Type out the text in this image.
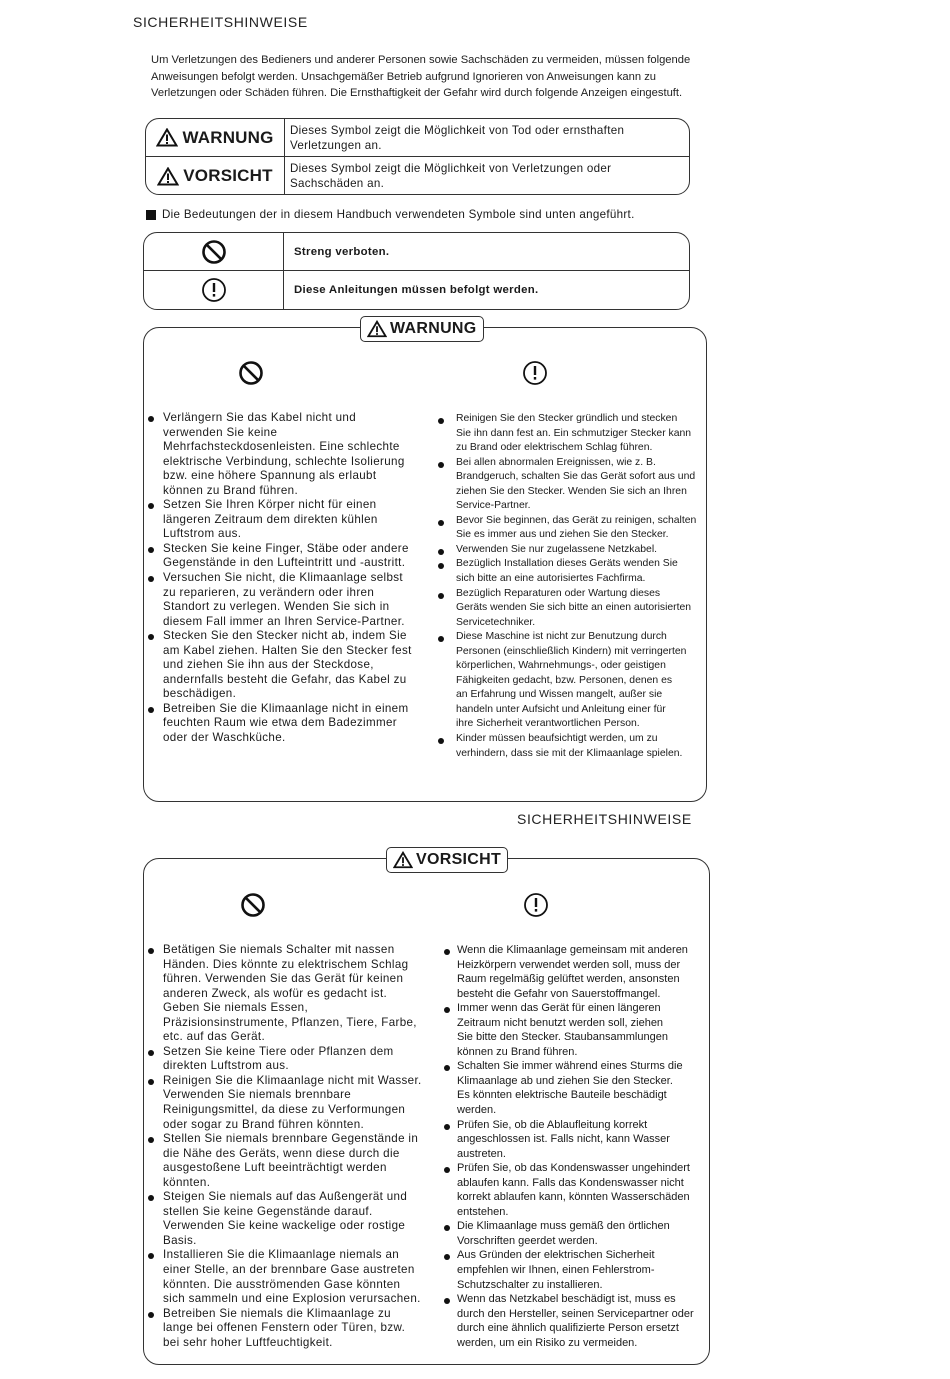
SICHERHEITSHINWEISE
Um Verletzungen des Bedieners und anderer Personen sowie Sachschäden zu vermeiden, müssen folgende
Anweisungen befolgt werden. Unsachgemäßer Betrieb aufgrund Ignorieren von Anweisungen kann zu
Verletzungen oder Schäden führen. Die Ernsthaftigkeit der Gefahr wird durch folgende Anzeigen eingestuft.
WARNUNG Dieses Symbol zeigt die Möglichkeit von Tod oder ernsthaften
Verletzungen an.
VORSICHT Dieses Symbol zeigt die Möglichkeit von Verletzungen oder
Sachschäden an.
Die Bedeutungen der in diesem Handbuch verwendeten Symbole sind unten angeführt.
Streng verboten.
Diese Anleitungen müssen befolgt werden.
WARNUNG
Verlängern Sie das Kabel nicht und
verwenden Sie keine
Mehrfachsteckdosenleisten. Eine schlechte
elektrische Verbindung, schlechte Isolierung
bzw. eine höhere Spannung als erlaubt
können zu Brand führen.
Setzen Sie Ihren Körper nicht für einen
längeren Zeitraum dem direkten kühlen
Luftstrom aus.
Stecken Sie keine Finger, Stäbe oder andere
Gegenstände in den Lufteintritt und -austritt.
Versuchen Sie nicht, die Klimaanlage selbst
zu reparieren, zu verändern oder ihren
Standort zu verlegen. Wenden Sie sich in
diesem Fall immer an Ihren Service-Partner.
Stecken Sie den Stecker nicht ab, indem Sie
am Kabel ziehen. Halten Sie den Stecker fest
und ziehen Sie ihn aus der Steckdose,
andernfalls besteht die Gefahr, das Kabel zu
beschädigen.
Betreiben Sie die Klimaanlage nicht in einem
feuchten Raum wie etwa dem Badezimmer
oder der Waschküche.
Reinigen Sie den Stecker gründlich und stecken
Sie ihn dann fest an. Ein schmutziger Stecker kann
zu Brand oder elektrischem Schlag führen.
Bei allen abnormalen Ereignissen, wie z. B.
Brandgeruch, schalten Sie das Gerät sofort aus und
ziehen Sie den Stecker. Wenden Sie sich an Ihren
Service-Partner.
Bevor Sie beginnen, das Gerät zu reinigen, schalten
Sie es immer aus und ziehen Sie den Stecker.
Verwenden Sie nur zugelassene Netzkabel.
Bezüglich Installation dieses Geräts wenden Sie
sich bitte an eine autorisiertes Fachfirma.
Bezüglich Reparaturen oder Wartung dieses
Geräts wenden Sie sich bitte an einen autorisierten
Servicetechniker.
Diese Maschine ist nicht zur Benutzung durch
Personen (einschließlich Kindern) mit verringerten
körperlichen, Wahrnehmungs-, oder geistigen
Fähigkeiten gedacht, bzw. Personen, denen es
an Erfahrung und Wissen mangelt, außer sie
handeln unter Aufsicht und Anleitung einer für
ihre Sicherheit verantwortlichen Person.
Kinder müssen beaufsichtigt werden, um zu
verhindern, dass sie mit der Klimaanlage spielen.
SICHERHEITSHINWEISE
VORSICHT
Betätigen Sie niemals Schalter mit nassen
Händen. Dies könnte zu elektrischem Schlag
führen. Verwenden Sie das Gerät für keinen
anderen Zweck, als wofür es gedacht ist.
Geben Sie niemals Essen,
Präzisionsinstrumente, Pflanzen, Tiere, Farbe,
etc. auf das Gerät.
Setzen Sie keine Tiere oder Pflanzen dem
direkten Luftstrom aus.
Reinigen Sie die Klimaanlage nicht mit Wasser.
Verwenden Sie niemals brennbare
Reinigungsmittel, da diese zu Verformungen
oder sogar zu Brand führen könnten.
Stellen Sie niemals brennbare Gegenstände in
die Nähe des Geräts, wenn diese durch die
ausgestoßene Luft beeinträchtigt werden
könnten.
Steigen Sie niemals auf das Außengerät und
stellen Sie keine Gegenstände darauf.
Verwenden Sie keine wackelige oder rostige
Basis.
Installieren Sie die Klimaanlage niemals an
einer Stelle, an der brennbare Gase austreten
könnten. Die ausströmenden Gase könnten
sich sammeln und eine Explosion verursachen.
Betreiben Sie niemals die Klimaanlage zu
lange bei offenen Fenstern oder Türen, bzw.
bei sehr hoher Luftfeuchtigkeit.
Wenn die Klimaanlage gemeinsam mit anderen
Heizkörpern verwendet werden soll, muss der
Raum regelmäßig gelüftet werden, ansonsten
besteht die Gefahr von Sauerstoffmangel.
Immer wenn das Gerät für einen längeren
Zeitraum nicht benutzt werden soll, ziehen
Sie bitte den Stecker. Staubansammlungen
können zu Brand führen.
Schalten Sie immer während eines Sturms die
Klimaanlage ab und ziehen Sie den Stecker.
Es könnten elektrische Bauteile beschädigt
werden.
Prüfen Sie, ob die Ablaufleitung korrekt
angeschlossen ist. Falls nicht, kann Wasser
austreten.
Prüfen Sie, ob das Kondenswasser ungehindert
ablaufen kann. Falls das Kondenswasser nicht
korrekt ablaufen kann, könnten Wasserschäden
entstehen.
Die Klimaanlage muss gemäß den örtlichen
Vorschriften geerdet werden.
Aus Gründen der elektrischen Sicherheit
empfehlen wir Ihnen, einen Fehlerstrom-
Schutzschalter zu installieren.
Wenn das Netzkabel beschädigt ist, muss es
durch den Hersteller, seinen Servicepartner oder
durch eine ähnlich qualifizierte Person ersetzt
werden, um ein Risiko zu vermeiden.
